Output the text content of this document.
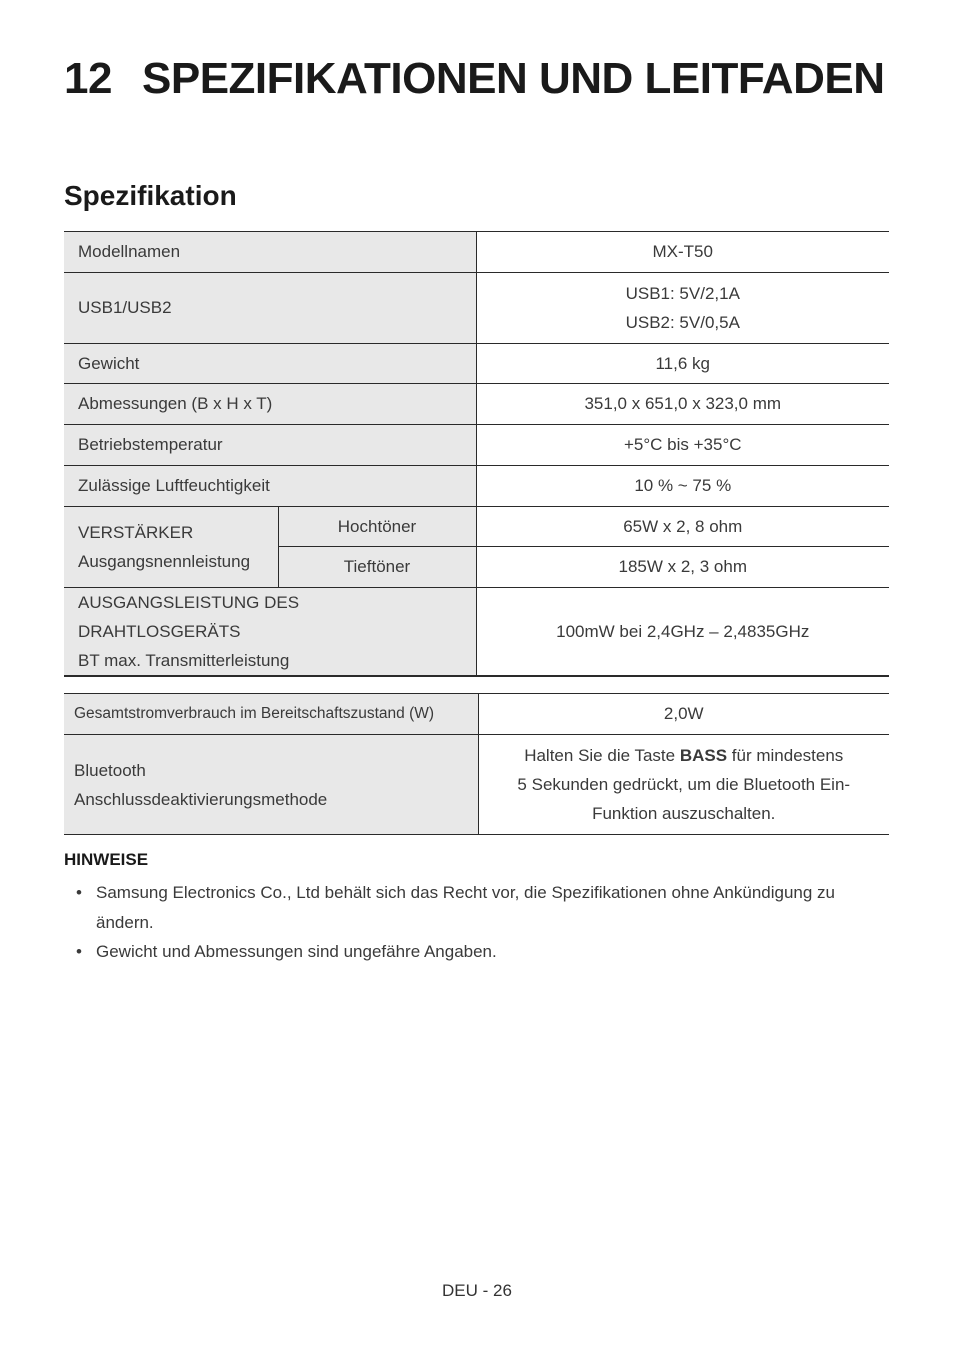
12 SPEZIFIKATIONEN UND LEITFADEN
Spezifikation
Modellnamen		MX-T50
USB1/USB2		USB1: 5V/2,1A
USB2: 5V/0,5A

Gewicht		11,6 kg
Abmessungen (B x H x T)		351,0 x 651,0 x 323,0 mm
Betriebstemperatur		+5°C bis +35°C
Zulässige Luftfeuchtigkeit		10 % ~ 75 %

VERSTÄRKER
Ausgangsnennleistung	Hochtöner	65W x 2, 8 ohm
	Tieftöner	185W x 2, 3 ohm

AUSGANGSLEISTUNG DES DRAHTLOSGERÄTS
BT max. Transmitterleistung		100mW bei 2,4GHz – 2,4835GHz
Gesamtstromverbrauch im Bereitschaftszustand (W)	2,0W

Bluetooth
Anschlussdeaktivierungsmethode	Halten Sie die Taste BASS für mindestens
5 Sekunden gedrückt, um die Bluetooth Ein-
Funktion auszuschalten.
HINWEISE
• Samsung Electronics Co., Ltd behält sich das Recht vor, die Spezifikationen ohne Ankündigung zu ändern.
• Gewicht und Abmessungen sind ungefähre Angaben.
DEU - 26
